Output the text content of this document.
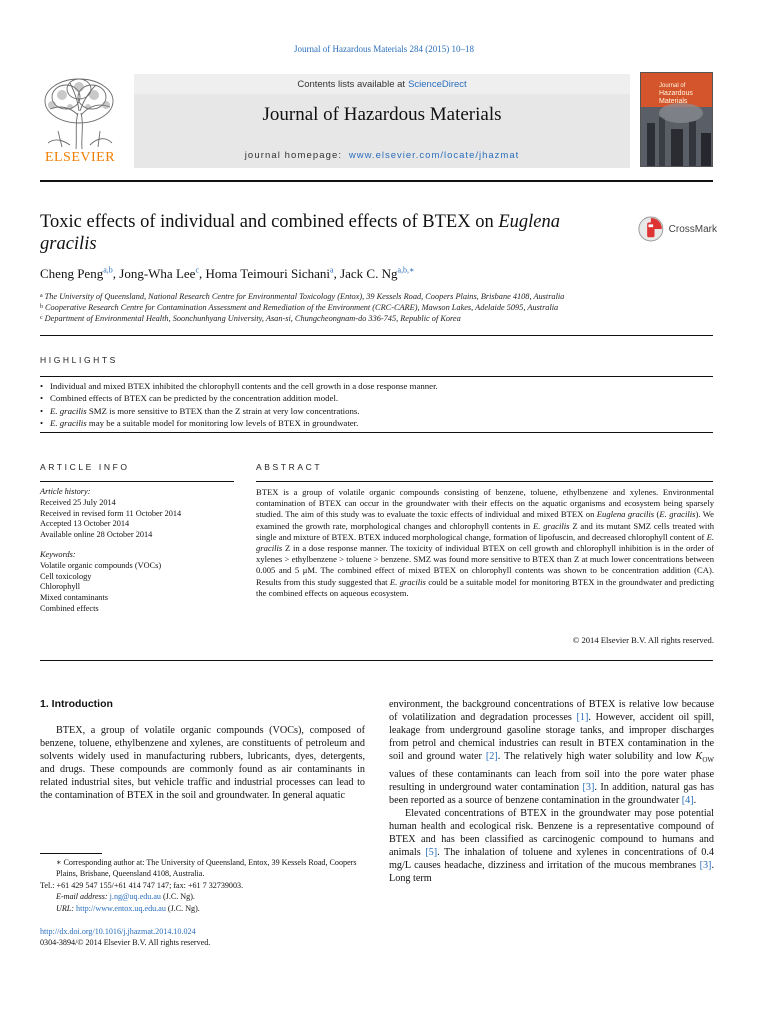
Journal of Hazardous Materials 284 (2015) 10–18
ELSEVIER
Contents lists available at ScienceDirect
Journal of Hazardous Materials
journal homepage: www.elsevier.com/locate/jhazmat
Journal of
Hazardous
Materials
Toxic effects of individual and combined effects of BTEX on Euglena gracilis
CrossMark
Cheng Peng$^{a,b}$, Jong-Wha Lee$^c$, Homa Teimouri Sichani$^a$, Jack C. $Ng^{a,b,∗}$
$^a$ The University of Queensland, National Research Centre for Environmental Toxicology (Entox), 39 Kessels Road, Coopers Plains, Brisbane 4108, Australia
$^b$ Cooperative Research Centre for Contamination Assessment and Remediation of the Environment (CRC-CARE), Mawson Lakes, Adelaide 5095, Australia
$^c$ Department of Environmental Health, Soonchunhyang University, Asan-si, Chungcheongnam-do 336-745, Republic of Korea
HIGHLIGHTS
• Individual and mixed BTEX inhibited the chlorophyll contents and the cell growth in a dose response manner.
• Combined effects of BTEX can be predicted by the concentration addition model.
• E. gracilis SMZ is more sensitive to BTEX than the Z strain at very low concentrations.
• E. gracilis may be a suitable model for monitoring low levels of BTEX in groundwater.
ARTICLE INFO	ABSTRACT
Article history:
Received 25 July 2014
Received in revised form 11 October 2014
Accepted 13 October 2014
Available online 28 October 2014
Keywords:
Volatile organic compounds (VOCs)
Cell toxicology
Chlorophyll
Mixed contaminants
Combined effects
BTEX is a group of volatile organic compounds consisting of benzene, toluene, ethylbenzene and xylenes. Environmental contamination of BTEX can occur in the groundwater with their effects on the aquatic organisms and ecosystem being sparsely studied. The aim of this study was to evaluate the toxic effects of individual and mixed BTEX on Euglena gracilis (E. gracilis). We examined the growth rate, morphological changes and chlorophyll contents in E. gracilis Z and its mutant SMZ cells treated with single and mixture of BTEX. BTEX induced morphological change, formation of lipofuscin, and decreased chlorophyll content of E. gracilis Z in a dose response manner. The toxicity of individual BTEX on cell growth and chlorophyll inhibition is in the order of xylenes > ethylbenzene > toluene > benzene. SMZ was found more sensitive to BTEX than Z at much lower concentrations between 0.005 and 5 μM. The combined effect of mixed BTEX on chlorophyll contents was shown to be concentration addition (CA). Results from this study suggested that E. gracilis could be a suitable model for monitoring BTEX in the groundwater and predicting the combined effects on aqueous ecosystem.
© 2014 Elsevier B.V. All rights reserved.
1. Introduction

BTEX, a group of volatile organic compounds (VOCs), composed of benzene, toluene, ethylbenzene and xylenes, are constituents of petroleum and solvents widely used in manufacturing rubbers, lubricants, dyes, detergents, and drugs. These compounds are commonly found as air contaminants in related industrial sites, but vehicle traffic and industrial processes can lead to the contamination of BTEX in the soil and groundwater. In general aquatic

environment, the background concentrations of BTEX is relative low because of volatilization and degradation processes [1]. However, accident oil spill, leakage from underground gasoline storage tanks, and improper discharges from petrol and chemical industries can result in BTEX contamination in the soil and ground water [2]. The relatively high water solubility and low $K_{OW}$ values of these contaminants can leach from soil into the pore water phase resulting in underground water contamination [3]. In addition, natural gas has been reported as a source of benzene contamination in the groundwater [4].

Elevated concentrations of BTEX in the groundwater may pose potential human health and ecological risk. Benzene is a representative compound of BTEX and has been classified as carcinogenic compound to humans and animals [5]. The inhalation of toluene and xylenes in concentrations of 0.4 mg/L causes headache, dizziness and irritation of the mucous membranes [3]. Long term

∗ Corresponding author at: The University of Queensland, Entox, 39 Kessels Road, Coopers Plains, Brisbane, Queensland 4108, Australia.
Tel.: +61 429 547 155/+61 414 747 147; fax: +61 7 32739003.
E-mail address: j.ng@uq.edu.au (J.C. Ng).
URL: http://www.entox.uq.edu.au (J.C. Ng).
http://dx.doi.org/10.1016/j.jhazmat.2014.10.024
0304-3894/© 2014 Elsevier B.V. All rights reserved.
